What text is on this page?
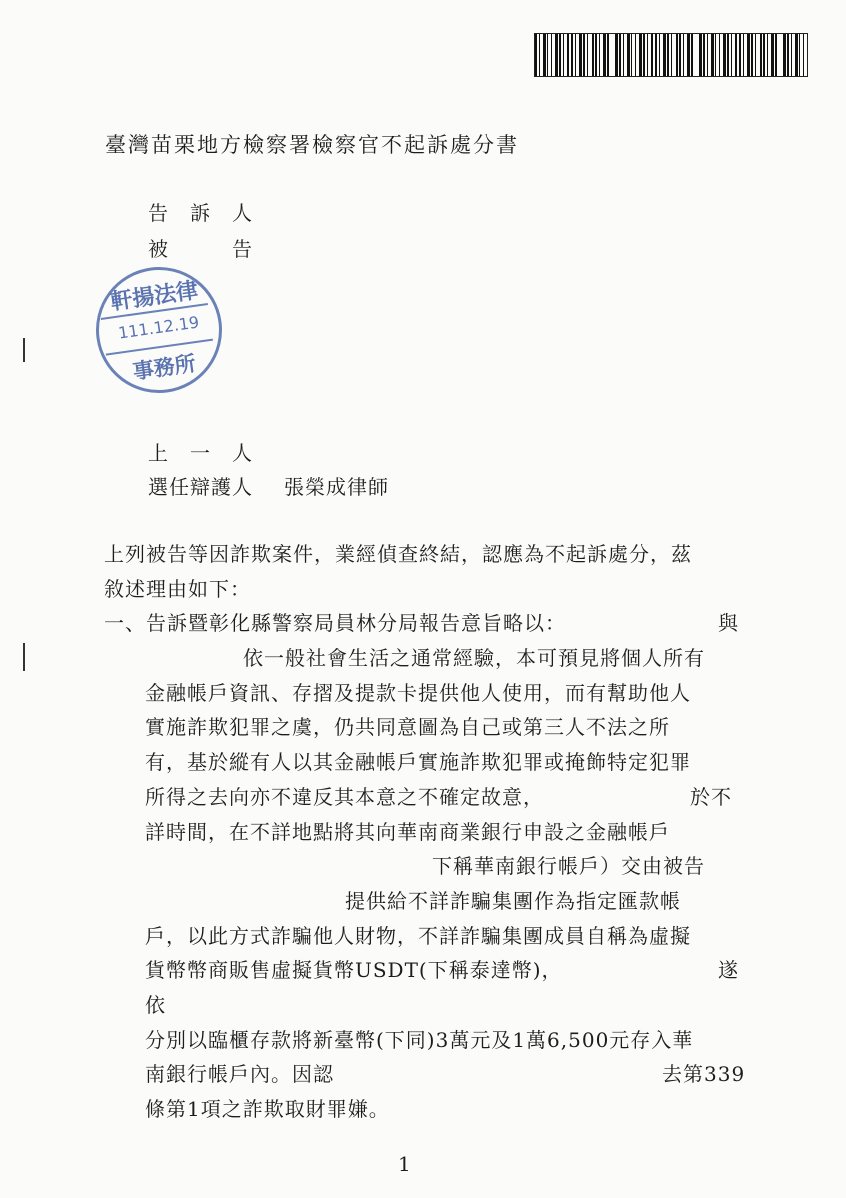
臺灣苗栗地方檢察署檢察官不起訴處分書

告　訴　人
被　　　告
軒揚法律
111.12.19
事務所
上　一　人
選任辯護人 張榮成律師
上列被告等因詐欺案件，業經偵查終結，認應為不起訴處分，茲
敘述理由如下：
一、告訴暨彰化縣警察局員林分局報告意旨略以：	與
依一般社會生活之通常經驗，本可預見將個人所有
金融帳戶資訊、存摺及提款卡提供他人使用，而有幫助他人
實施詐欺犯罪之虞，仍共同意圖為自己或第三人不法之所
有，基於縱有人以其金融帳戶實施詐欺犯罪或掩飾特定犯罪
所得之去向亦不違反其本意之不確定故意，	於不
詳時間，在不詳地點將其向華南商業銀行申設之金融帳戶
下稱華南銀行帳戶）交由被告
提供給不詳詐騙集團作為指定匯款帳
戶，以此方式詐騙他人財物，不詳詐騙集團成員自稱為虛擬
貨幣幣商販售虛擬貨幣USDT(下稱泰達幣)，	遂
依
分別以臨櫃存款將新臺幣(下同)3萬元及1萬6,500元存入華
南銀行帳戶內。因認	去第339
條第1項之詐欺取財罪嫌。
1
